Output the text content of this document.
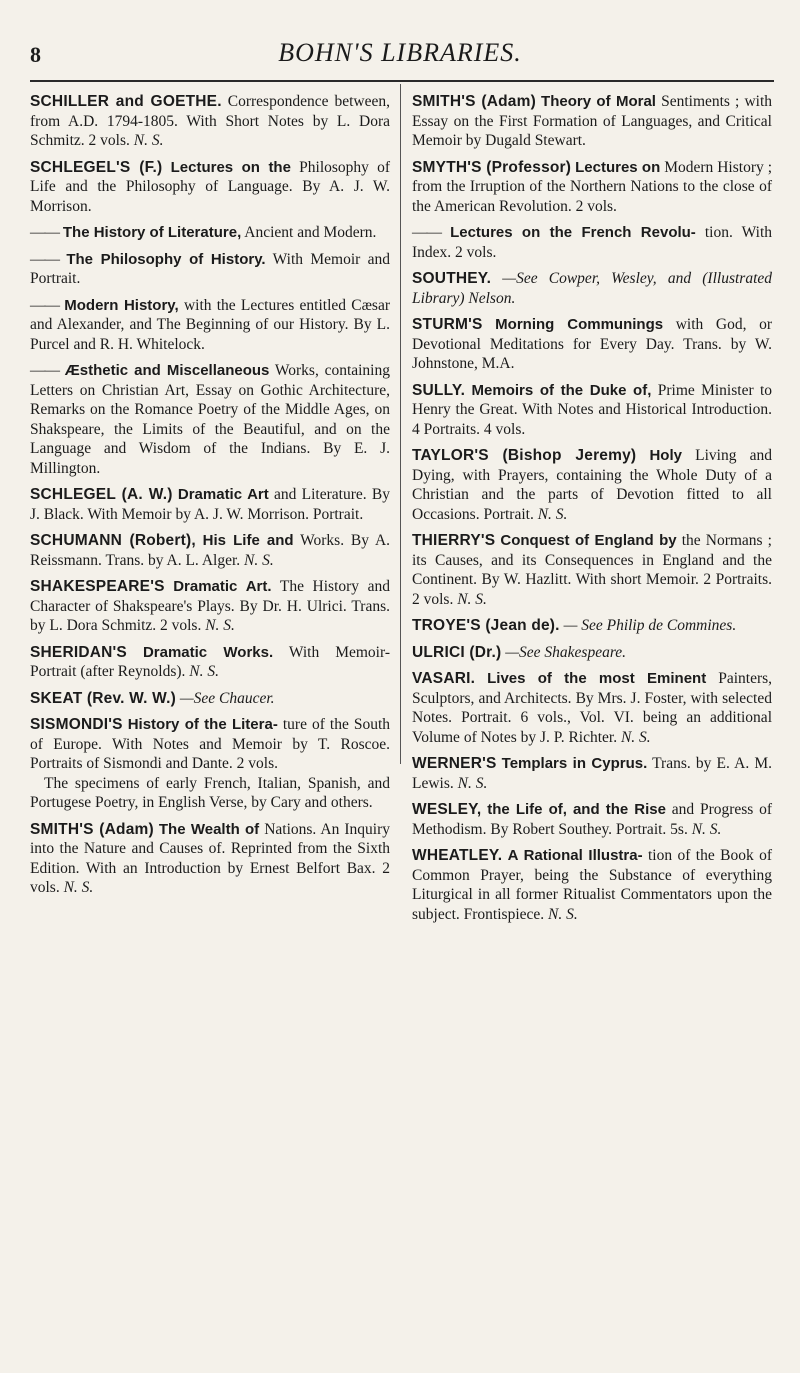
8	BOHN'S LIBRARIES.

SCHILLER and GOETHE. Correspondence between, from A.D. 1794-1805. With Short Notes by L. Dora Schmitz. 2 vols. N. S.

SCHLEGEL'S (F.) Lectures on the Philosophy of Life and the Philosophy of Language. By A. J. W. Morrison.

—— The History of Literature, Ancient and Modern.

—— The Philosophy of History. With Memoir and Portrait.

—— Modern History, with the Lectures entitled Cæsar and Alexander, and The Beginning of our History. By L. Purcel and R. H. Whitelock.

—— Æsthetic and Miscellaneous Works, containing Letters on Christian Art, Essay on Gothic Architecture, Remarks on the Romance Poetry of the Middle Ages, on Shakspeare, the Limits of the Beautiful, and on the Language and Wisdom of the Indians. By E. J. Millington.

SCHLEGEL (A. W.) Dramatic Art and Literature. By J. Black. With Memoir by A. J. W. Morrison. Portrait.

SCHUMANN (Robert), His Life and Works. By A. Reissmann. Trans. by A. L. Alger. N. S.

SHAKESPEARE'S Dramatic Art. The History and Character of Shakspeare's Plays. By Dr. H. Ulrici. Trans. by L. Dora Schmitz. 2 vols. N. S.

SHERIDAN'S Dramatic Works. With Memoir- Portrait (after Reynolds). N. S.

SKEAT (Rev. W. W.) —See Chaucer.

SISMONDI'S History of the Litera- ture of the South of Europe. With Notes and Memoir by T. Roscoe. Portraits of Sismondi and Dante. 2 vols.

The specimens of early French, Italian, Spanish, and Portugese Poetry, in English Verse, by Cary and others.

SMITH'S (Adam) The Wealth of Nations. An Inquiry into the Nature and Causes of. Reprinted from the Sixth Edition. With an Introduction by Ernest Belfort Bax. 2 vols. N. S.

SMITH'S (Adam) Theory of Moral Sentiments ; with Essay on the First Formation of Languages, and Critical Memoir by Dugald Stewart.

SMYTH'S (Professor) Lectures on Modern History ; from the Irruption of the Northern Nations to the close of the American Revolution. 2 vols.

—— Lectures on the French Revolu- tion. With Index. 2 vols.

SOUTHEY. —See Cowper, Wesley, and (Illustrated Library) Nelson.

STURM'S Morning Communings with God, or Devotional Meditations for Every Day. Trans. by W. Johnstone, M.A.

SULLY. Memoirs of the Duke of, Prime Minister to Henry the Great. With Notes and Historical Introduction. 4 Portraits. 4 vols.

TAYLOR'S (Bishop Jeremy) Holy Living and Dying, with Prayers, containing the Whole Duty of a Christian and the parts of Devotion fitted to all Occasions. Portrait. N. S.

THIERRY'S Conquest of England by the Normans ; its Causes, and its Consequences in England and the Continent. By W. Hazlitt. With short Memoir. 2 Portraits. 2 vols. N. S.

TROYE'S (Jean de). — See Philip de Commines.

ULRICI (Dr.) —See Shakespeare.

VASARI. Lives of the most Eminent Painters, Sculptors, and Architects. By Mrs. J. Foster, with selected Notes. Portrait. 6 vols., Vol. VI. being an additional Volume of Notes by J. P. Richter. N. S.

WERNER'S Templars in Cyprus. Trans. by E. A. M. Lewis. N. S.

WESLEY, the Life of, and the Rise and Progress of Methodism. By Robert Southey. Portrait. 5s. N. S.

WHEATLEY. A Rational Illustra- tion of the Book of Common Prayer, being the Substance of everything Liturgical in all former Ritualist Commentators upon the subject. Frontispiece. N. S.
